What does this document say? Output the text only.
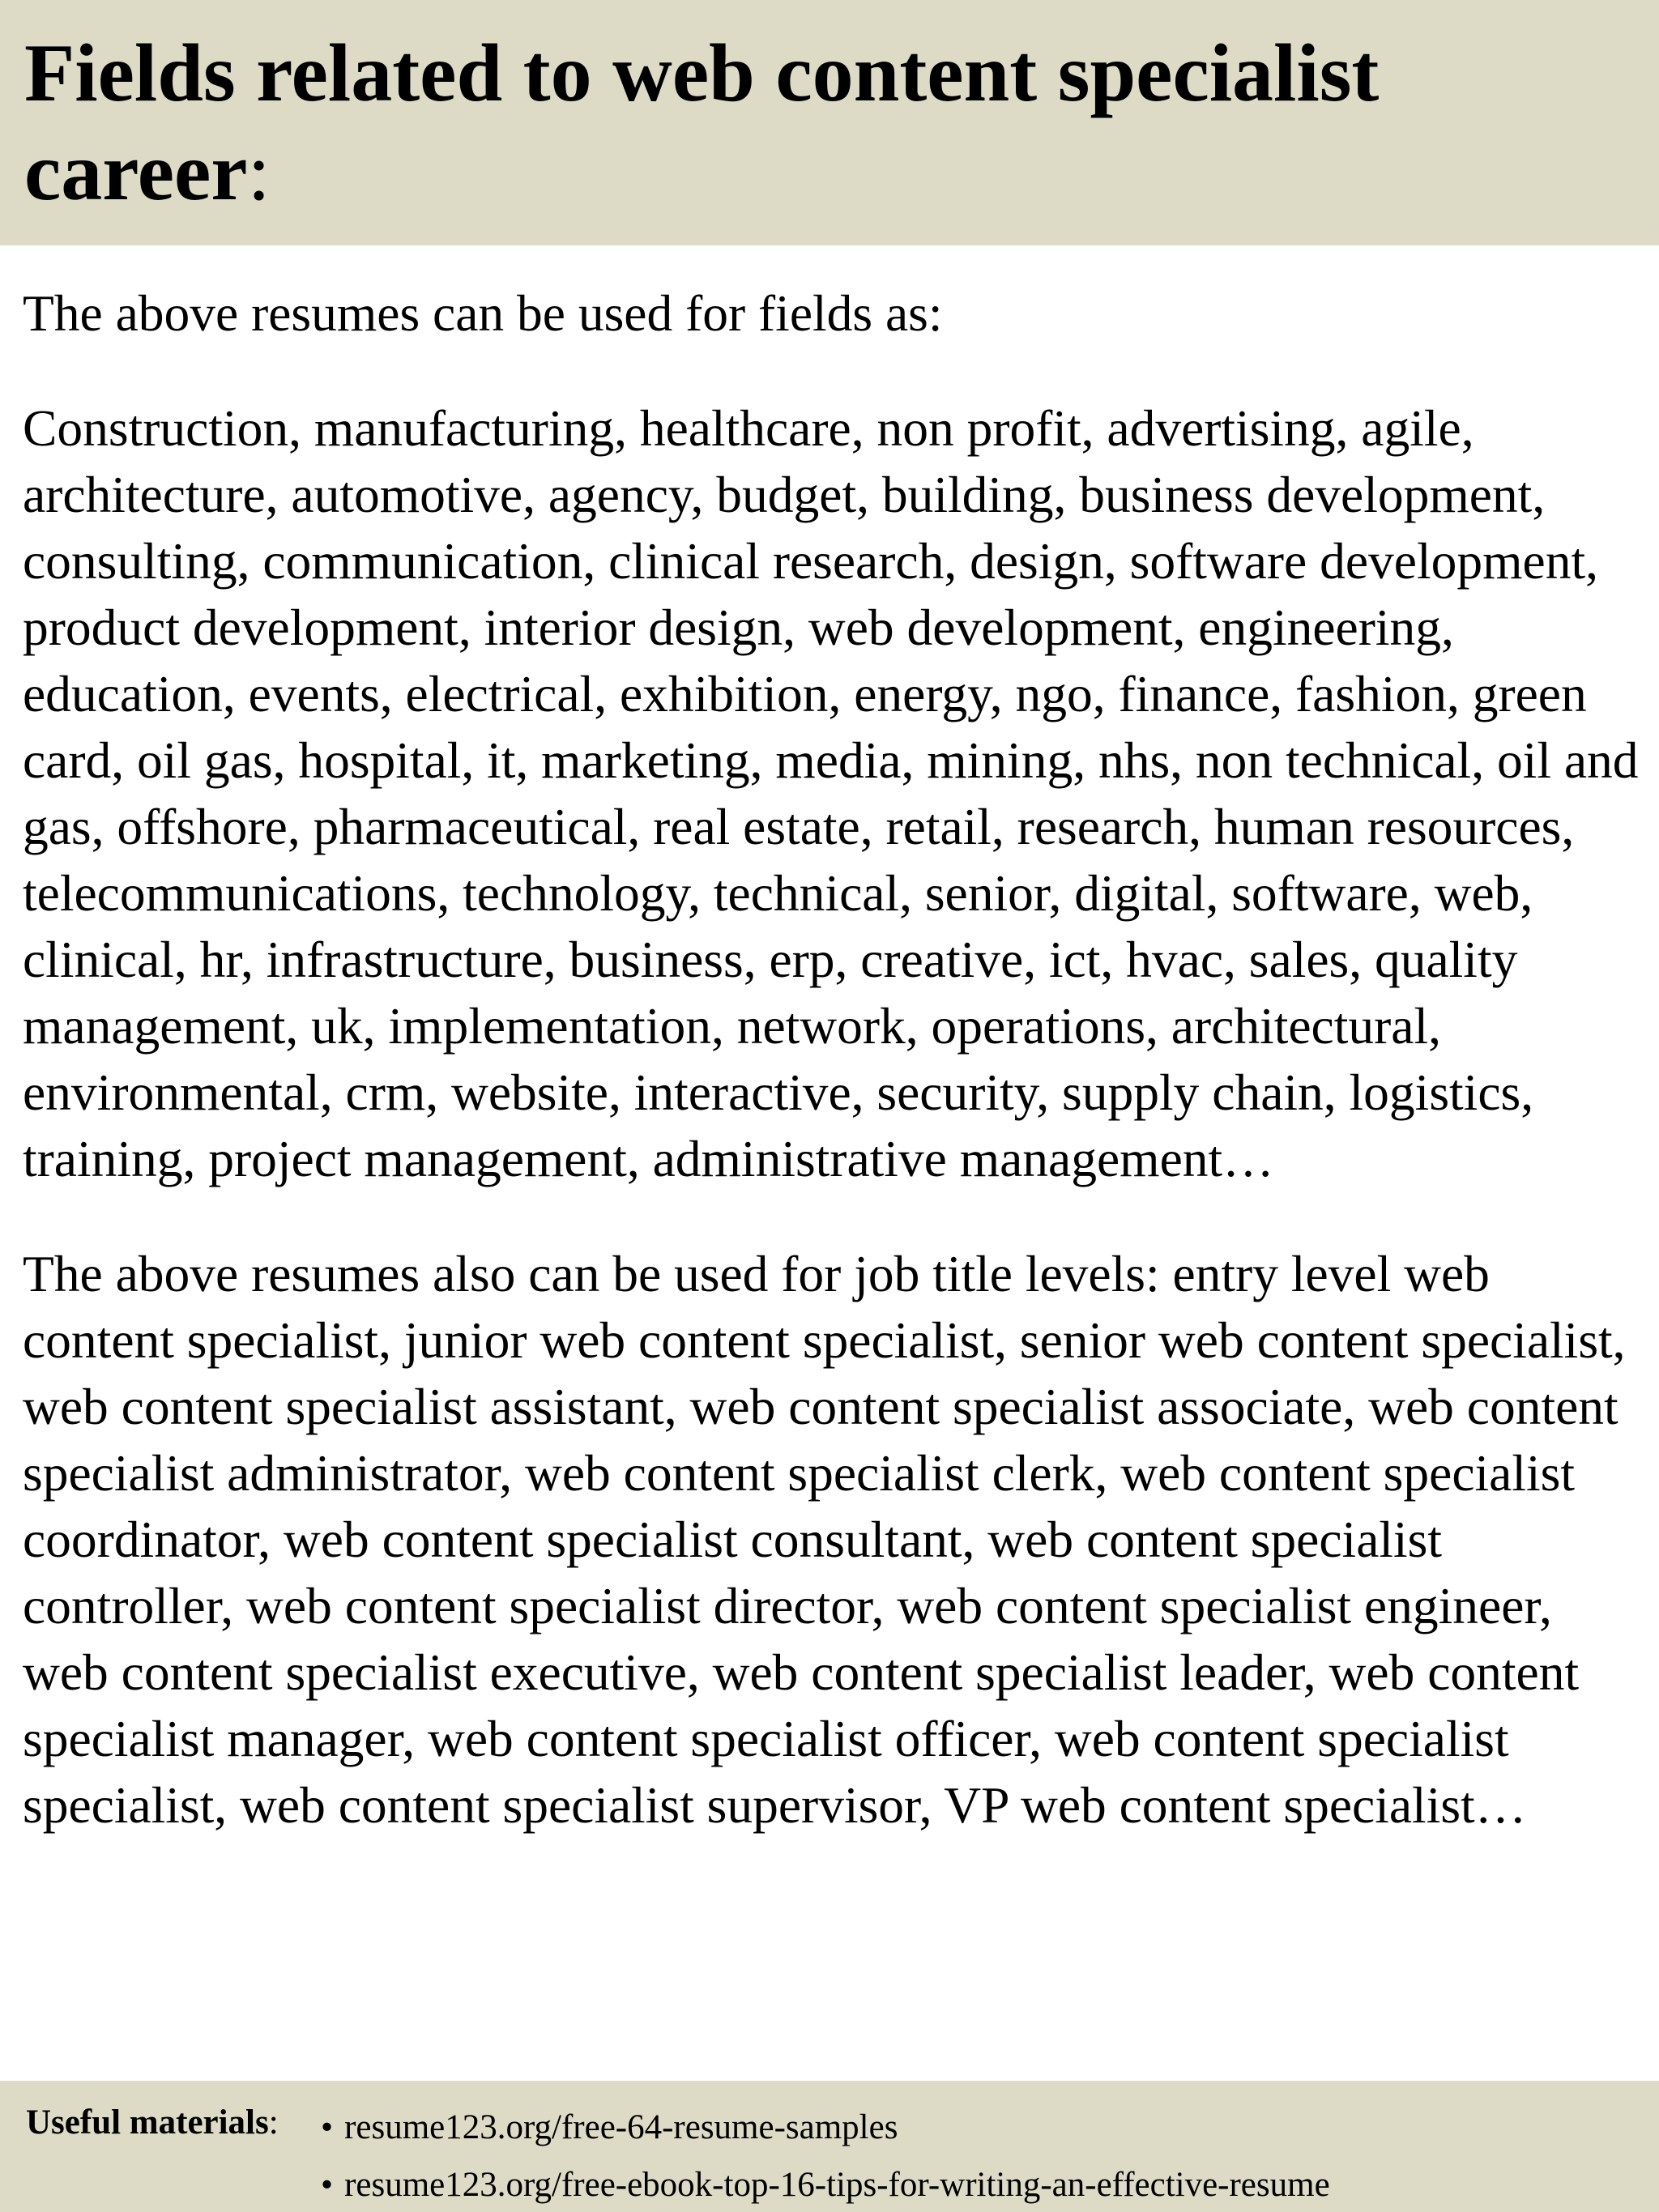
Fields related to web content specialist career:

The above resumes can be used for fields as:

Construction, manufacturing, healthcare, non profit, advertising, agile, architecture, automotive, agency, budget, building, business development, consulting, communication, clinical research, design, software development, product development, interior design, web development, engineering, education, events, electrical, exhibition, energy, ngo, finance, fashion, green card, oil gas, hospital, it, marketing, media, mining, nhs, non technical, oil and gas, offshore, pharmaceutical, real estate, retail, research, human resources, telecommunications, technology, technical, senior, digital, software, web, clinical, hr, infrastructure, business, erp, creative, ict, hvac, sales, quality management, uk, implementation, network, operations, architectural, environmental, crm, website, interactive, security, supply chain, logistics, training, project management, administrative management…

The above resumes also can be used for job title levels: entry level web content specialist, junior web content specialist, senior web content specialist, web content specialist assistant, web content specialist associate, web content specialist administrator, web content specialist clerk, web content specialist coordinator, web content specialist consultant, web content specialist controller, web content specialist director, web content specialist engineer, web content specialist executive, web content specialist leader, web content specialist manager, web content specialist officer, web content specialist specialist, web content specialist supervisor, VP web content specialist…

Useful materials: • resume123.org/free-64-resume-samples
• resume123.org/free-ebook-top-16-tips-for-writing-an-effective-resume
